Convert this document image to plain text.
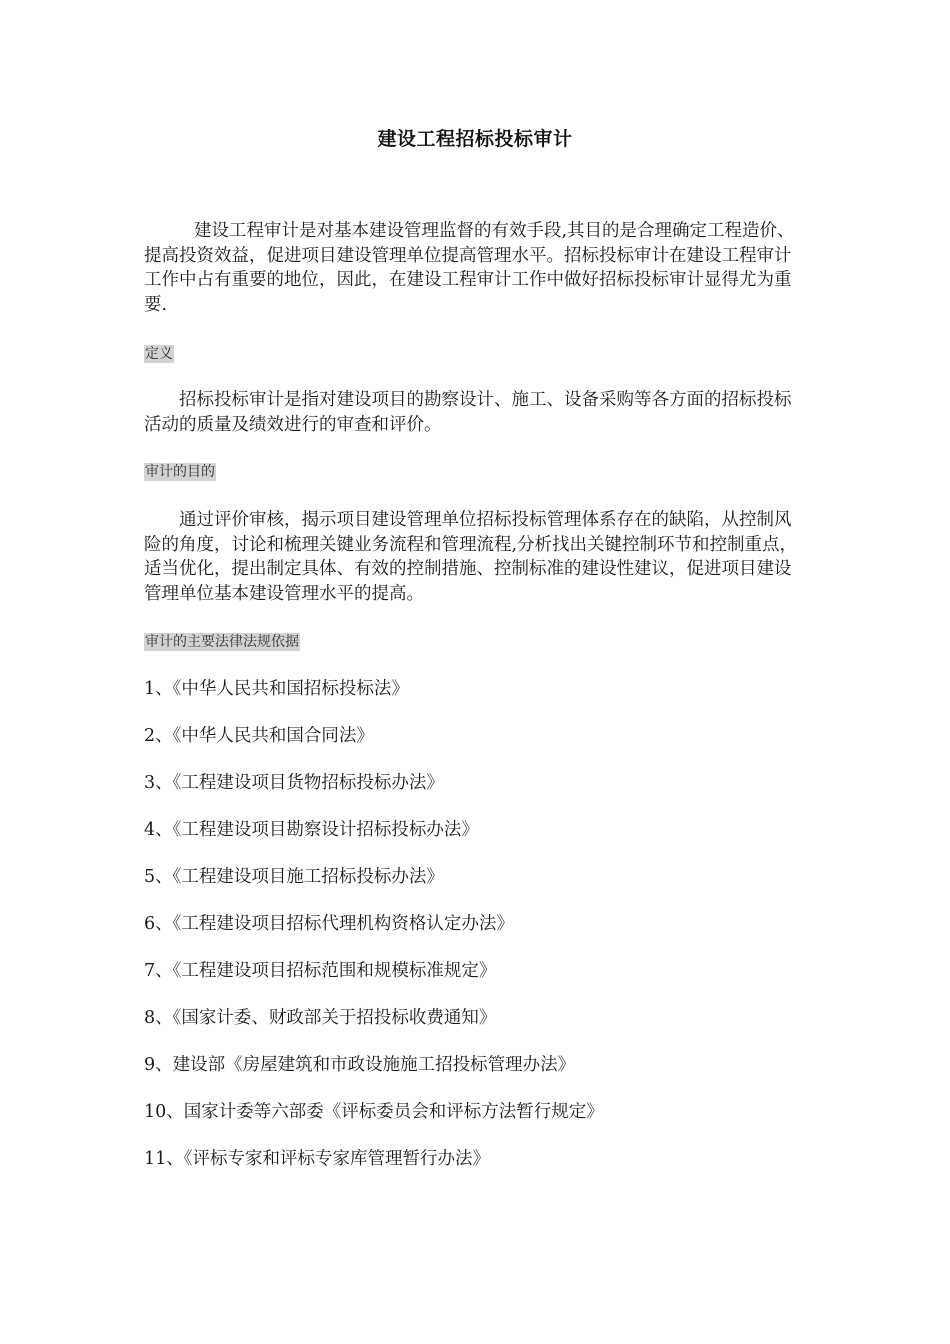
建设工程招标投标审计

建设工程审计是对基本建设管理监督的有效手段,其目的是合理确定工程造价、提高投资效益，促进项目建设管理单位提高管理水平。招标投标审计在建设工程审计工作中占有重要的地位，因此，在建设工程审计工作中做好招标投标审计显得尤为重要.

定义

招标投标审计是指对建设项目的勘察设计、施工、设备采购等各方面的招标投标活动的质量及绩效进行的审查和评价。

审计的目的

通过评价审核，揭示项目建设管理单位招标投标管理体系存在的缺陷，从控制风险的角度，讨论和梳理关键业务流程和管理流程,分析找出关键控制环节和控制重点，适当优化，提出制定具体、有效的控制措施、控制标准的建设性建议，促进项目建设管理单位基本建设管理水平的提高。

审计的主要法律法规依据
1、《中华人民共和国招标投标法》
2、《中华人民共和国合同法》
3、《工程建设项目货物招标投标办法》
4、《工程建设项目勘察设计招标投标办法》
5、《工程建设项目施工招标投标办法》
6、《工程建设项目招标代理机构资格认定办法》
7、《工程建设项目招标范围和规模标准规定》
8、《国家计委、财政部关于招投标收费通知》
9、建设部《房屋建筑和市政设施施工招投标管理办法》
10、国家计委等六部委《评标委员会和评标方法暂行规定》
11、《评标专家和评标专家库管理暂行办法》
